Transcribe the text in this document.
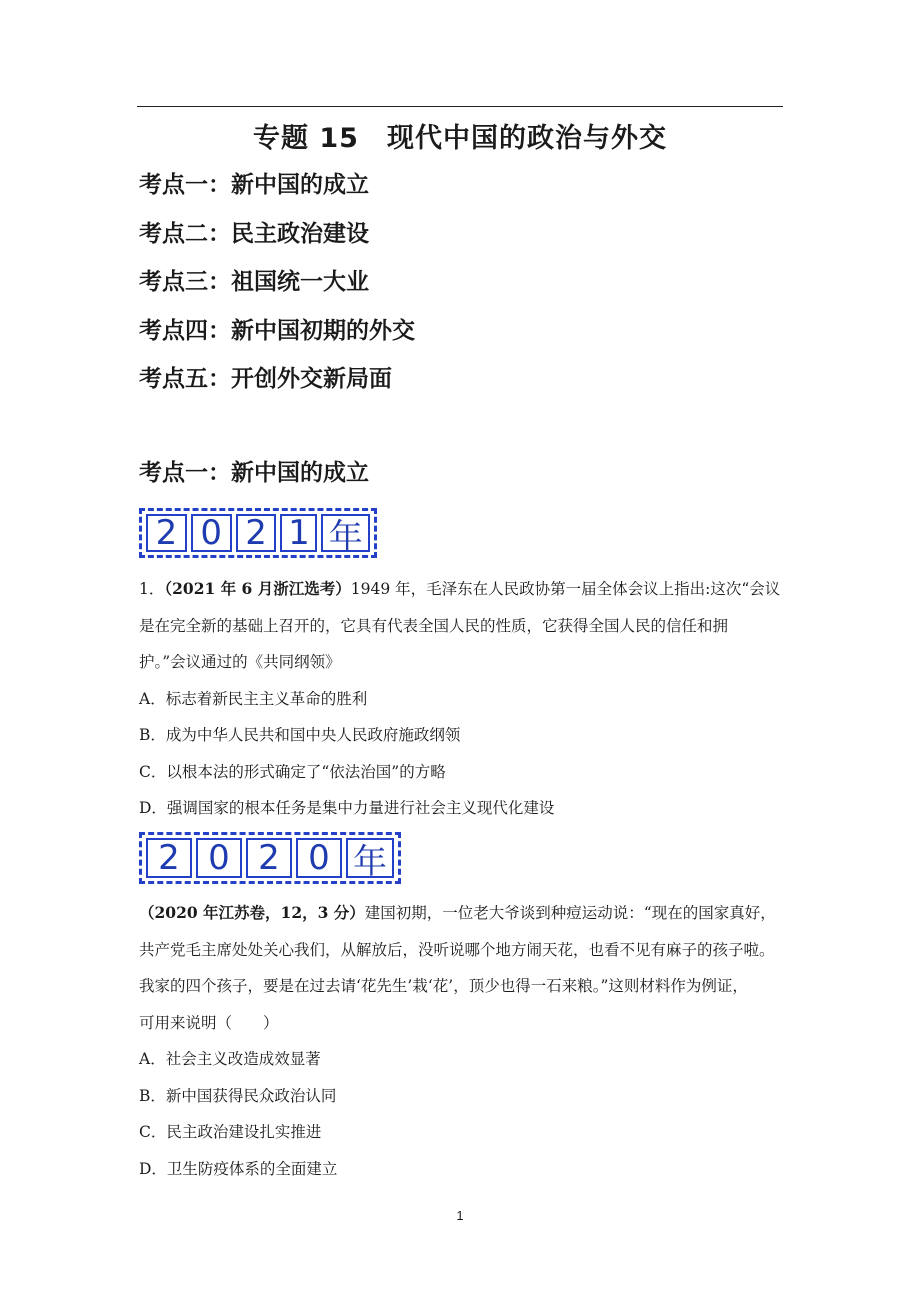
专题 15　现代中国的政治与外交
考点一：新中国的成立
考点二：民主政治建设
考点三：祖国统一大业
考点四：新中国初期的外交
考点五：开创外交新局面
考点一：新中国的成立
2 0 2 1 年
1．（2021 年 6 月浙江选考）1949 年，毛泽东在人民政协第一届全体会议上指出:这次“会议
是在完全新的基础上召开的，它具有代表全国人民的性质，它获得全国人民的信任和拥
护。”会议通过的《共同纲领》
A．标志着新民主主义革命的胜利
B．成为中华人民共和国中央人民政府施政纲领
C．以根本法的形式确定了“依法治国”的方略
D．强调国家的根本任务是集中力量进行社会主义现代化建设
2 0 2 0 年
（2020 年江苏卷，12，3 分）建国初期，一位老大爷谈到种痘运动说：“现在的国家真好，
共产党毛主席处处关心我们，从解放后，没听说哪个地方闹天花，也看不见有麻子的孩子啦。
我家的四个孩子，要是在过去请‘花先生’栽‘花’，顶少也得一石来粮。”这则材料作为例证，
可用来说明（　　）
A．社会主义改造成效显著
B．新中国获得民众政治认同
C．民主政治建设扎实推进
D．卫生防疫体系的全面建立
1
